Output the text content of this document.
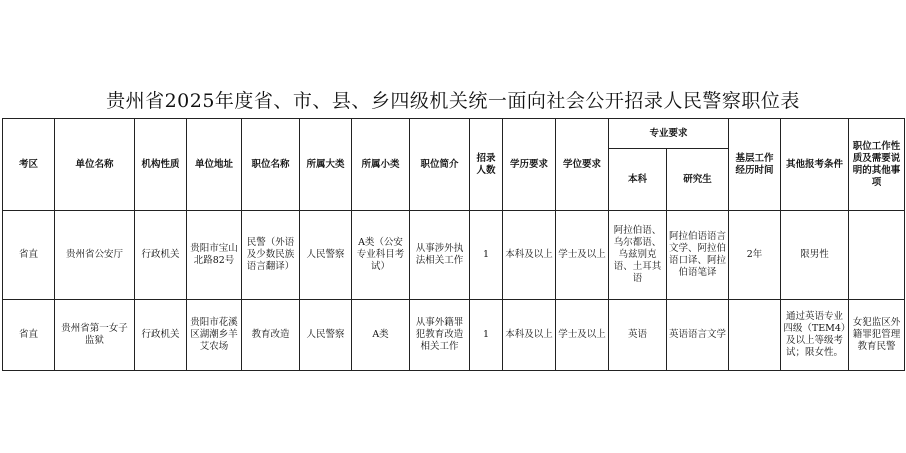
贵州省2025年度省、市、县、乡四级机关统一面向社会公开招录人民警察职位表
考区	单位名称	机构性质	单位地址	职位名称	所属大类	所属小类	职位简介	招录人数	学历要求	学位要求	专业要求		基层工作经历时间	其他报考条件	职位工作性质及需要说明的其他事项
											本科	研究生			
省直	贵州省公安厅	行政机关	贵阳市宝山北路82号	民警（外语及少数民族语言翻译）	人民警察	A类（公安专业科目考试）	从事涉外执法相关工作	1	本科及以上	学士及以上	阿拉伯语、乌尔都语、乌兹别克语、土耳其语	阿拉伯语语言文学、阿拉伯语口译、阿拉伯语笔译	2年	限男性	
省直	贵州省第一女子监狱	行政机关	贵阳市花溪区湖潮乡羊艾农场	教育改造	人民警察	A类	从事外籍罪犯教育改造相关工作	1	本科及以上	学士及以上	英语	英语语言文学		通过英语专业四级（TEM4）及以上等级考试；限女性。	女犯监区外籍罪犯管理教育民警
